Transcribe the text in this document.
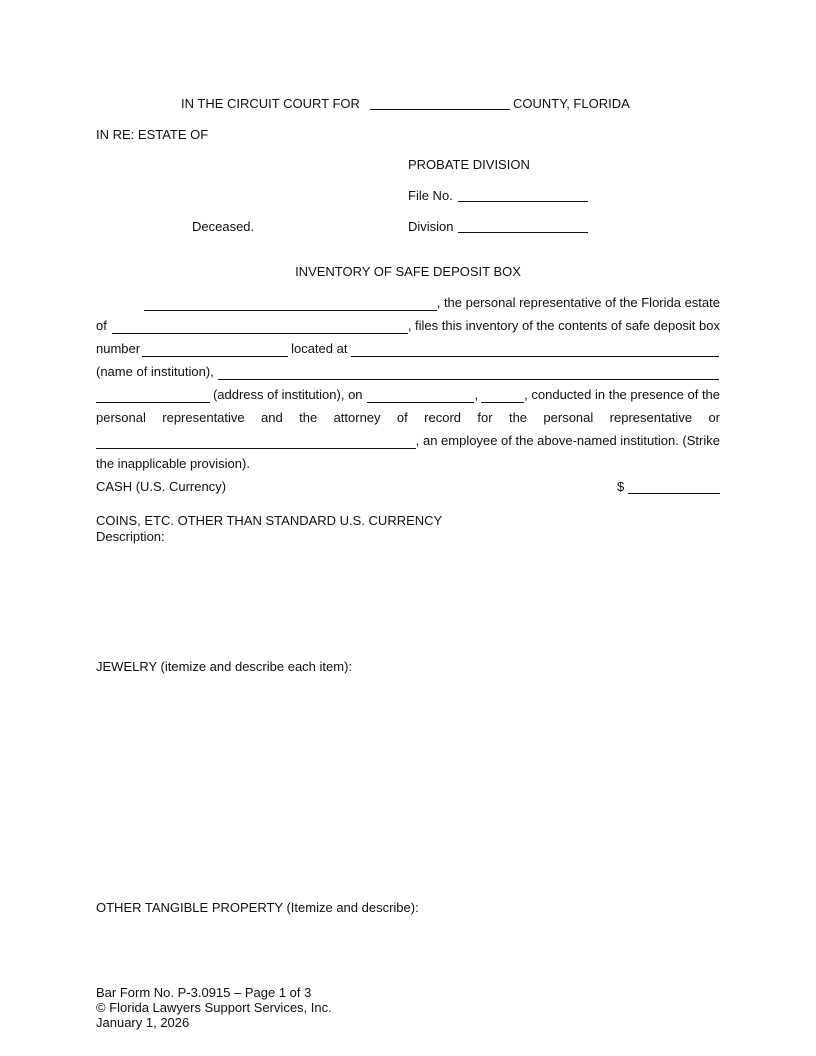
IN THE CIRCUIT COURT FOR	COUNTY, FLORIDA
IN RE: ESTATE OF
PROBATE DIVISION
File No.
Deceased.	Division
INVENTORY OF SAFE DEPOSIT BOX
, the personal representative of the Florida estate
of	, files this inventory of the contents of safe deposit box
number	located at
(name of institution),
(address of institution), on	,	, conducted in the presence of the
personal representative and the attorney of record for the personal representative or
, an employee of the above-named institution. (Strike
the inapplicable provision).
CASH (U.S. Currency)	$
COINS, ETC. OTHER THAN STANDARD U.S. CURRENCY
Description:
JEWELRY (itemize and describe each item):
OTHER TANGIBLE PROPERTY (Itemize and describe):
Bar Form No. P-3.0915 – Page 1 of 3
© Florida Lawyers Support Services, Inc.
January 1, 2026
